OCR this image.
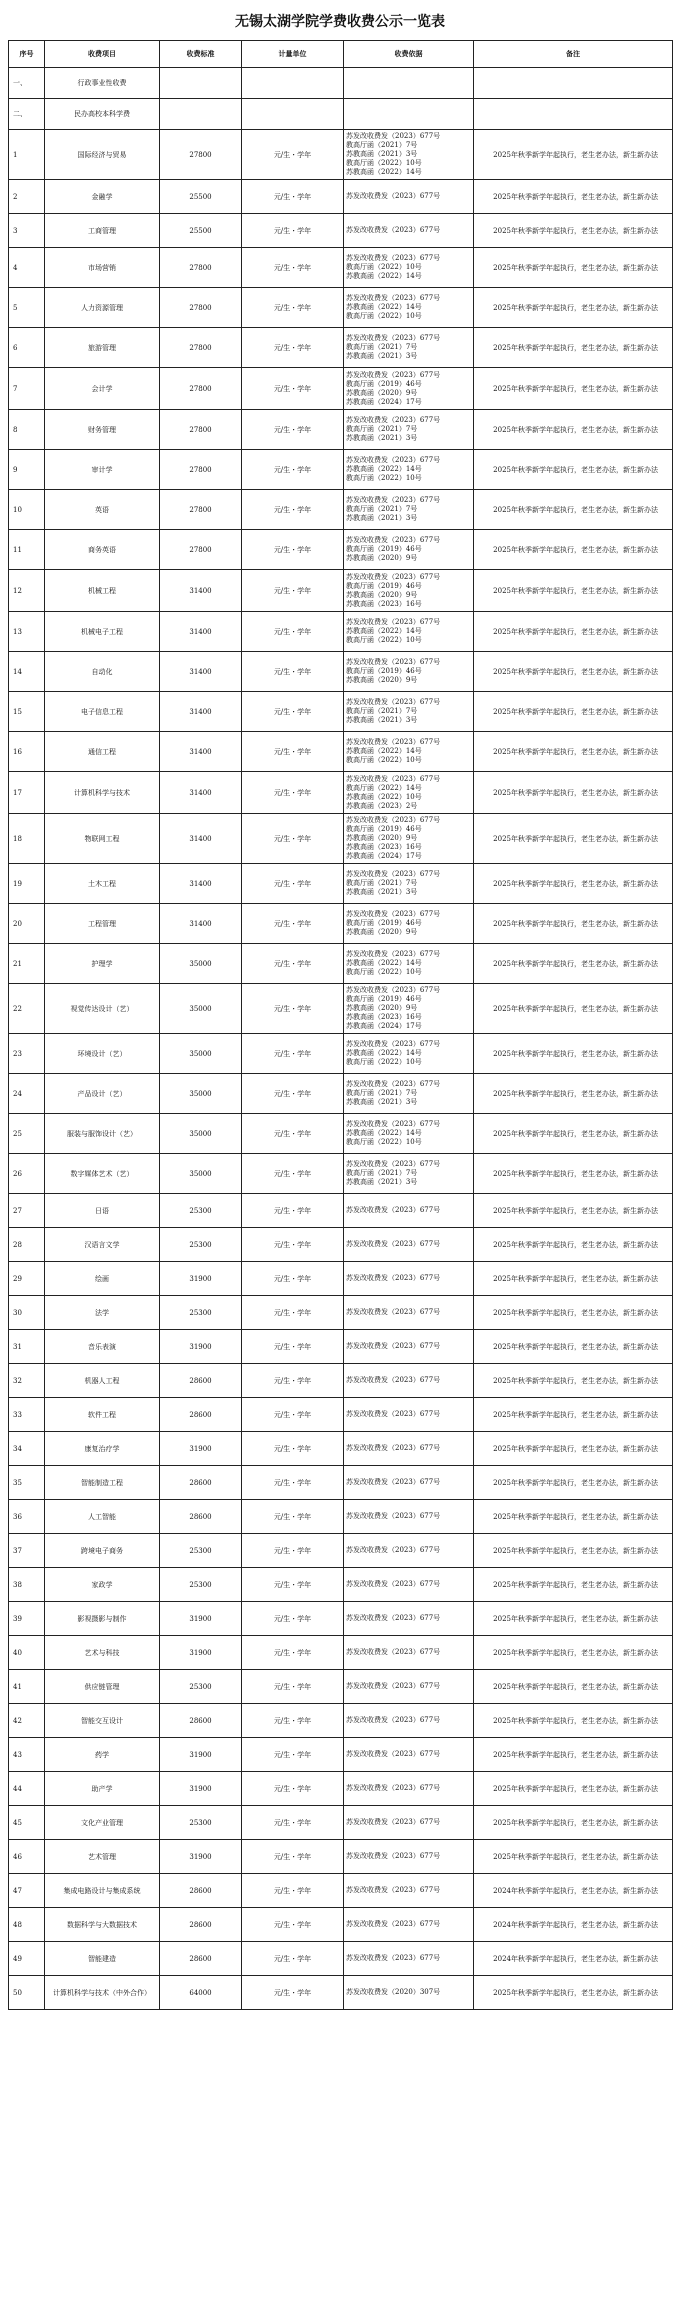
无锡太湖学院学费收费公示一览表
序号	收费项目	收费标准	计量单位	收费依据	备注
一、	行政事业性收费				
二、	民办高校本科学费				
1	国际经济与贸易	27800	元/生・学年	苏发改收费发（2023）677号
教高厅函（2021）7号
苏教高函（2021）3号
教高厅函（2022）10号
苏教高函（2022）14号	2025年秋季新学年起执行，老生老办法，新生新办法
2	金融学	25500	元/生・学年	苏发改收费发（2023）677号	2025年秋季新学年起执行，老生老办法，新生新办法
3	工商管理	25500	元/生・学年	苏发改收费发（2023）677号	2025年秋季新学年起执行，老生老办法，新生新办法
4	市场营销	27800	元/生・学年	苏发改收费发（2023）677号
教高厅函（2022）10号
苏教高函（2022）14号	2025年秋季新学年起执行，老生老办法，新生新办法
5	人力资源管理	27800	元/生・学年	苏发改收费发（2023）677号
苏教高函（2022）14号
教高厅函（2022）10号	2025年秋季新学年起执行，老生老办法，新生新办法
6	旅游管理	27800	元/生・学年	苏发改收费发（2023）677号
教高厅函（2021）7号
苏教高函（2021）3号	2025年秋季新学年起执行，老生老办法，新生新办法
7	会计学	27800	元/生・学年	苏发改收费发（2023）677号
教高厅函（2019）46号
苏教高函（2020）9号
苏教高函（2024）17号	2025年秋季新学年起执行，老生老办法，新生新办法
8	财务管理	27800	元/生・学年	苏发改收费发（2023）677号
教高厅函（2021）7号
苏教高函（2021）3号	2025年秋季新学年起执行，老生老办法，新生新办法
9	审计学	27800	元/生・学年	苏发改收费发（2023）677号
苏教高函（2022）14号
教高厅函（2022）10号	2025年秋季新学年起执行，老生老办法，新生新办法
10	英语	27800	元/生・学年	苏发改收费发（2023）677号
教高厅函（2021）7号
苏教高函（2021）3号	2025年秋季新学年起执行，老生老办法，新生新办法
11	商务英语	27800	元/生・学年	苏发改收费发（2023）677号
教高厅函（2019）46号
苏教高函（2020）9号	2025年秋季新学年起执行，老生老办法，新生新办法
12	机械工程	31400	元/生・学年	苏发改收费发（2023）677号
教高厅函（2019）46号
苏教高函（2020）9号
苏教高函（2023）16号	2025年秋季新学年起执行，老生老办法，新生新办法
13	机械电子工程	31400	元/生・学年	苏发改收费发（2023）677号
苏教高函（2022）14号
教高厅函（2022）10号	2025年秋季新学年起执行，老生老办法，新生新办法
14	自动化	31400	元/生・学年	苏发改收费发（2023）677号
教高厅函（2019）46号
苏教高函（2020）9号	2025年秋季新学年起执行，老生老办法，新生新办法
15	电子信息工程	31400	元/生・学年	苏发改收费发（2023）677号
教高厅函（2021）7号
苏教高函（2021）3号	2025年秋季新学年起执行，老生老办法，新生新办法
16	通信工程	31400	元/生・学年	苏发改收费发（2023）677号
苏教高函（2022）14号
教高厅函（2022）10号	2025年秋季新学年起执行，老生老办法，新生新办法
17	计算机科学与技术	31400	元/生・学年	苏发改收费发（2023）677号
教高厅函（2022）14号
苏教高函（2022）10号
苏教高函（2023）2号	2025年秋季新学年起执行，老生老办法，新生新办法
18	物联网工程	31400	元/生・学年	苏发改收费发（2023）677号
教高厅函（2019）46号
苏教高函（2020）9号
苏教高函（2023）16号
苏教高函（2024）17号	2025年秋季新学年起执行，老生老办法，新生新办法
19	土木工程	31400	元/生・学年	苏发改收费发（2023）677号
教高厅函（2021）7号
苏教高函（2021）3号	2025年秋季新学年起执行，老生老办法，新生新办法
20	工程管理	31400	元/生・学年	苏发改收费发（2023）677号
教高厅函（2019）46号
苏教高函（2020）9号	2025年秋季新学年起执行，老生老办法，新生新办法
21	护理学	35000	元/生・学年	苏发改收费发（2023）677号
苏教高函（2022）14号
教高厅函（2022）10号	2025年秋季新学年起执行，老生老办法，新生新办法
22	视觉传达设计（艺）	35000	元/生・学年	苏发改收费发（2023）677号
教高厅函（2019）46号
苏教高函（2020）9号
苏教高函（2023）16号
苏教高函（2024）17号	2025年秋季新学年起执行，老生老办法，新生新办法
23	环境设计（艺）	35000	元/生・学年	苏发改收费发（2023）677号
苏教高函（2022）14号
教高厅函（2022）10号	2025年秋季新学年起执行，老生老办法，新生新办法
24	产品设计（艺）	35000	元/生・学年	苏发改收费发（2023）677号
教高厅函（2021）7号
苏教高函（2021）3号	2025年秋季新学年起执行，老生老办法，新生新办法
25	服装与服饰设计（艺）	35000	元/生・学年	苏发改收费发（2023）677号
苏教高函（2022）14号
教高厅函（2022）10号	2025年秋季新学年起执行，老生老办法，新生新办法
26	数字媒体艺术（艺）	35000	元/生・学年	苏发改收费发（2023）677号
教高厅函（2021）7号
苏教高函（2021）3号	2025年秋季新学年起执行，老生老办法，新生新办法
27	日语	25300	元/生・学年	苏发改收费发（2023）677号	2025年秋季新学年起执行，老生老办法，新生新办法
28	汉语言文学	25300	元/生・学年	苏发改收费发（2023）677号	2025年秋季新学年起执行，老生老办法，新生新办法
29	绘画	31900	元/生・学年	苏发改收费发（2023）677号	2025年秋季新学年起执行，老生老办法，新生新办法
30	法学	25300	元/生・学年	苏发改收费发（2023）677号	2025年秋季新学年起执行，老生老办法，新生新办法
31	音乐表演	31900	元/生・学年	苏发改收费发（2023）677号	2025年秋季新学年起执行，老生老办法，新生新办法
32	机器人工程	28600	元/生・学年	苏发改收费发（2023）677号	2025年秋季新学年起执行，老生老办法，新生新办法
33	软件工程	28600	元/生・学年	苏发改收费发（2023）677号	2025年秋季新学年起执行，老生老办法，新生新办法
34	康复治疗学	31900	元/生・学年	苏发改收费发（2023）677号	2025年秋季新学年起执行，老生老办法，新生新办法
35	智能制造工程	28600	元/生・学年	苏发改收费发（2023）677号	2025年秋季新学年起执行，老生老办法，新生新办法
36	人工智能	28600	元/生・学年	苏发改收费发（2023）677号	2025年秋季新学年起执行，老生老办法，新生新办法
37	跨境电子商务	25300	元/生・学年	苏发改收费发（2023）677号	2025年秋季新学年起执行，老生老办法，新生新办法
38	家政学	25300	元/生・学年	苏发改收费发（2023）677号	2025年秋季新学年起执行，老生老办法，新生新办法
39	影视摄影与制作	31900	元/生・学年	苏发改收费发（2023）677号	2025年秋季新学年起执行，老生老办法，新生新办法
40	艺术与科技	31900	元/生・学年	苏发改收费发（2023）677号	2025年秋季新学年起执行，老生老办法，新生新办法
41	供应链管理	25300	元/生・学年	苏发改收费发（2023）677号	2025年秋季新学年起执行，老生老办法，新生新办法
42	智能交互设计	28600	元/生・学年	苏发改收费发（2023）677号	2025年秋季新学年起执行，老生老办法，新生新办法
43	药学	31900	元/生・学年	苏发改收费发（2023）677号	2025年秋季新学年起执行，老生老办法，新生新办法
44	助产学	31900	元/生・学年	苏发改收费发（2023）677号	2025年秋季新学年起执行，老生老办法，新生新办法
45	文化产业管理	25300	元/生・学年	苏发改收费发（2023）677号	2025年秋季新学年起执行，老生老办法，新生新办法
46	艺术管理	31900	元/生・学年	苏发改收费发（2023）677号	2025年秋季新学年起执行，老生老办法，新生新办法
47	集成电路设计与集成系统	28600	元/生・学年	苏发改收费发（2023）677号	2024年秋季新学年起执行，老生老办法，新生新办法
48	数据科学与大数据技术	28600	元/生・学年	苏发改收费发（2023）677号	2024年秋季新学年起执行，老生老办法，新生新办法
49	智能建造	28600	元/生・学年	苏发改收费发（2023）677号	2024年秋季新学年起执行，老生老办法，新生新办法
50	计算机科学与技术（中外合作）	64000	元/生・学年	苏发改收费发（2020）307号	2025年秋季新学年起执行，老生老办法，新生新办法
